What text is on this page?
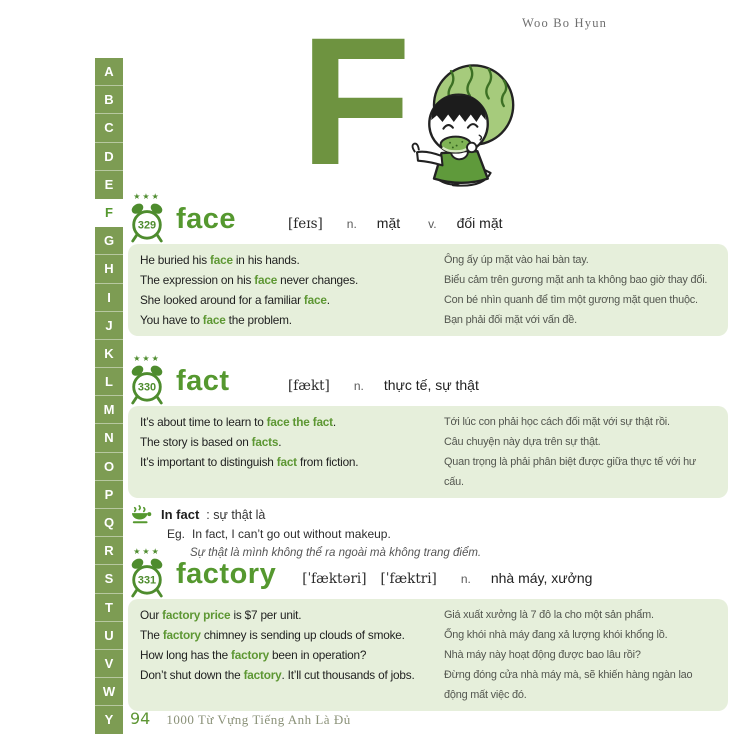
Woo Bo Hyun
F
A
B
C
D
E
F
G
H
I
J
K
L
M
N
O
P
Q
R
S
T
U
V
W
Y
★★★
329 face	[feɪs] n. mặt v. đối mặt
He buried his face in his hands.	Ông ấy úp mặt vào hai bàn tay.
The expression on his face never changes.	Biểu cảm trên gương mặt anh ta không bao giờ thay đổi.
She looked around for a familiar face.	Con bé nhìn quanh để tìm một gương mặt quen thuộc.
You have to face the problem.	Bạn phải đối mặt với vấn đề.
★★★
330 fact	[fækt] n. thực tế, sự thật
It’s about time to learn to face the fact.	Tới lúc con phải học cách đối mặt với sự thật rồi.
The story is based on facts.	Câu chuyện này dựa trên sự thật.
It’s important to distinguish fact from fiction.	Quan trọng là phải phân biệt được giữa thực tế với hư cấu.
In fact : sự thật là
Eg. In fact, I can’t go out without makeup.
Sự thật là mình không thể ra ngoài mà không trang điểm.
★★★
331 factory [ˈfæktəri] [ˈfæktri] n. nhà máy, xưởng
Our factory price is $7 per unit.	Giá xuất xưởng là 7 đô la cho một sản phẩm.
The factory chimney is sending up clouds of smoke.	Ống khói nhà máy đang xả lượng khói khổng lồ.
How long has the factory been in operation?	Nhà máy này hoạt động được bao lâu rồi?
Don’t shut down the factory. It’ll cut thousands of jobs.	Đừng đóng cửa nhà máy mà, sẽ khiến hàng ngàn lao động mất việc đó.
94 1000 Từ Vựng Tiếng Anh Là Đủ
